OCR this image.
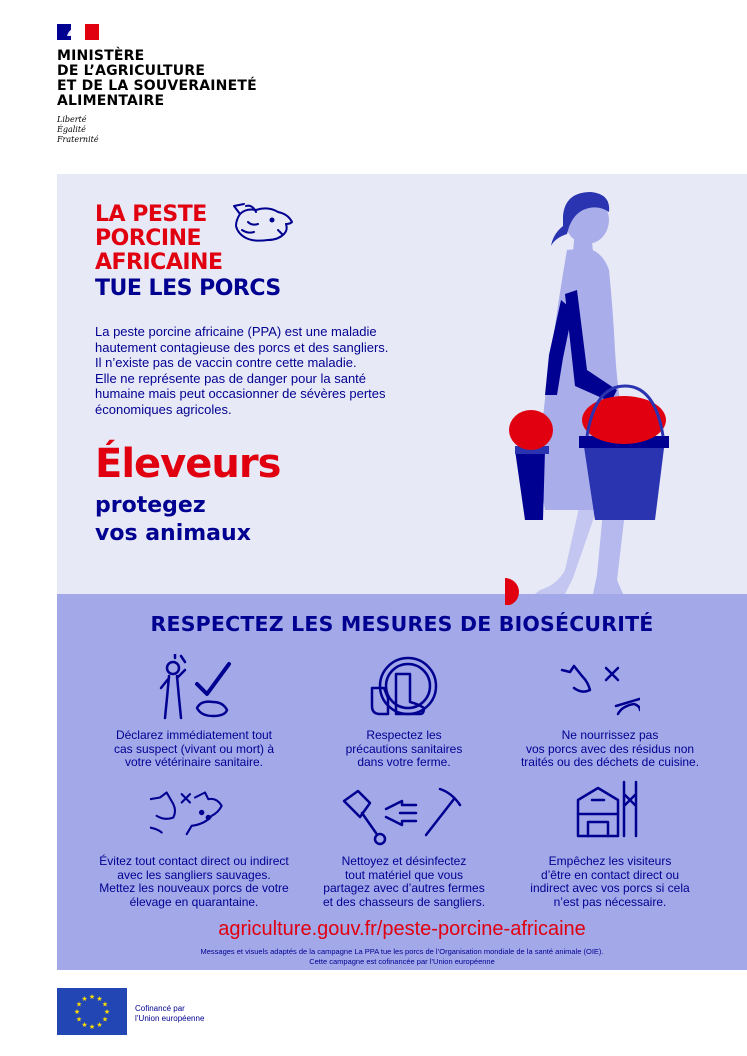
MINISTÈRE
DE L’AGRICULTURE
ET DE LA SOUVERAINETÉ
ALIMENTAIRE
Liberté
Égalité
Fraternité
LA PESTE
PORCINE
AFRICAINE
TUE LES PORCS
La peste porcine africaine (PPA) est une maladie
hautement contagieuse des porcs et des sangliers.
Il n’existe pas de vaccin contre cette maladie.
Elle ne représente pas de danger pour la santé
humaine mais peut occasionner de sévères pertes
économiques agricoles.
Éleveurs
protegez
vos animaux
RESPECTEZ LES MESURES DE BIOSÉCURITÉ
Déclarez immédiatement tout
cas suspect (vivant ou mort) à
votre vétérinaire sanitaire.
Respectez les
précautions sanitaires
dans votre ferme.
Ne nourrissez pas
vos porcs avec des résidus non
traités ou des déchets de cuisine.
Évitez tout contact direct ou indirect
avec les sangliers sauvages.
Mettez les nouveaux porcs de votre
élevage en quarantaine.
Nettoyez et désinfectez
tout matériel que vous
partagez avec d’autres fermes
et des chasseurs de sangliers.
Empêchez les visiteurs
d’être en contact direct ou
indirect avec vos porcs si cela
n’est pas nécessaire.
agriculture.gouv.fr/peste-porcine-africaine
Messages et visuels adaptés de la campagne La PPA tue les porcs de l’Organisation mondiale de la santé animale (OIE).
Cette campagne est cofinancée par l’Union européenne
★
★
★
★
★
★
★
★
★ ★ ★
★	Cofinancé par
l’Union européenne
